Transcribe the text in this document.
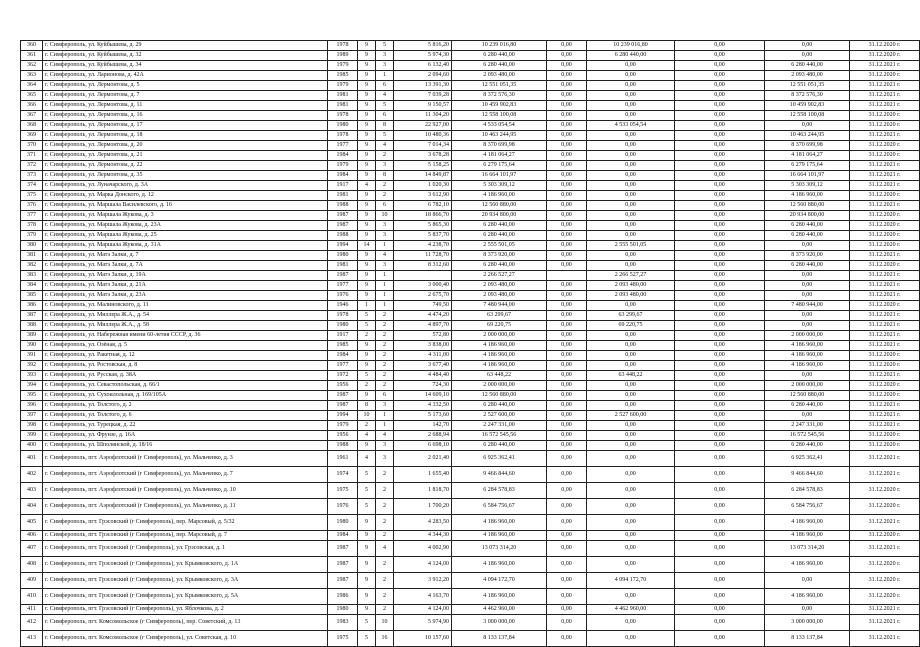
360	г. Симферополь, ул. Куйбышева, д. 29	1978	9	5	5 816,20	10 239 016,80	0,00	10 239 016,80	0,00	0,00	31.12.2020 г.
361	г. Симферополь, ул. Куйбышева, д. 32	1989	9	3	5 974,30	6 280 440,00	0,00	6 280 440,00	0,00	0,00	31.12.2020 г.
362	г. Симферополь, ул. Куйбышева, д. 34	1979	9	3	6 132,40	6 280 440,00	0,00	0,00	0,00	6 280 440,00	31.12.2021 г.
363	г. Симферополь, ул. Ларионова, д. 42А	1985	9	1	2 094,60	2 093 480,00	0,00	0,00	0,00	2 093 480,00	31.12.2020 г.
364	г. Симферополь, ул. Лермонтова, д. 5	1979	9	6	13 391,30	12 551 051,35	0,00	0,00	0,00	12 551 051,35	31.12.2021 г.
365	г. Симферополь, ул. Лермонтова, д. 7	1981	9	4	7 039,28	8 372 576,30	0,00	0,00	0,00	8 372 576,30	31.12.2021 г.
366	г. Симферополь, ул. Лермонтова, д. 11	1981	9	5	9 150,57	10 459 902,83	0,00	0,00	0,00	10 459 902,83	31.12.2021 г.
367	г. Симферополь, ул. Лермонтова, д. 16	1978	9	6	11 304,20	12 558 100,08	0,00	0,00	0,00	12 558 100,08	31.12.2020 г.
368	г. Симферополь, ул. Лермонтова, д. 17	1980	9	8	22 927,00	4 533 054,54	0,00	4 533 054,54	0,00	0,00	31.12.2020 г.
369	г. Симферополь, ул. Лермонтова, д. 18	1978	9	5	10 480,36	10 463 244,95	0,00	0,00	0,00	10 463 244,95	31.12.2021 г.
370	г. Симферополь, ул. Лермонтова, д. 20	1977	9	4	7 014,34	8 370 699,98	0,00	0,00	0,00	8 370 699,98	31.12.2020 г.
371	г. Симферополь, ул. Лермонтова, д. 21	1984	9	2	3 678,28	4 181 064,27	0,00	0,00	0,00	4 181 064,27	31.12.2020 г.
372	г. Симферополь, ул. Лермонтова, д. 22	1979	9	3	5 158,25	6 279 175,64	0,00	0,00	0,00	6 279 175,64	31.12.2021 г.
373	г. Симферополь, ул. Лермонтова, д. 35	1984	9	8	14 849,87	16 664 101,97	0,00	0,00	0,00	16 664 101,97	31.12.2021 г.
374	г. Симферополь, ул. Луначарского, д. 3А	1917	4	2	1 020,30	5 303 309,12	0,00	0,00	0,00	5 303 309,12	31.12.2021 г.
375	г. Симферополь, ул. Марка Донского, д. 12	1981	9	2	3 612,90	4 186 960,00	0,00	0,00	0,00	4 186 960,00	31.12.2020 г.
376	г. Симферополь, ул. Маршала Василевского, д. 16	1988	9	6	6 782,10	12 560 880,00	0,00	0,00	0,00	12 560 880,00	31.12.2021 г.
377	г. Симферополь, ул. Маршала Жукова, д. 3	1987	9	10	18 866,70	20 934 800,00	0,00	0,00	0,00	20 934 800,00	31.12.2020 г.
378	г. Симферополь, ул. Маршала Жукова, д. 23А	1987	9	3	5 865,30	6 280 440,00	0,00	0,00	0,00	6 280 440,00	31.12.2020 г.
379	г. Симферополь, ул. Маршала Жукова, д. 25	1988	9	3	5 837,70	6 280 440,00	0,00	0,00	0,00	6 280 440,00	31.12.2020 г.
380	г. Симферополь, ул. Маршала Жукова, д. 31А	1994	14	1	4 238,70	2 555 501,05	0,00	2 555 501,05	0,00	0,00	31.12.2020 г.
381	г. Симферополь, ул. Матэ Залки, д. 7	1980	9	4	11 728,70	8 373 920,00	0,00	0,00	0,00	8 373 920,00	31.12.2021 г.
382	г. Симферополь, ул. Матэ Залки, д. 7А	1981	9	3	8 312,60	6 280 440,00	0,00	0,00	0,00	6 280 440,00	31.12.2020 г.
383	г. Симферополь, ул. Матэ Залки, д. 19А	1987	9	1		2 266 527,27		2 266 527,27	0,00	0,00	31.12.2021 г.
384	г. Симферополь, ул. Матэ Залки, д. 21А	1977	9	1	3 000,40	2 093 480,00	0,00	2 093 480,00	0,00	0,00	31.12.2021 г.
385	г. Симферополь, ул. Матэ Залки, д. 23А	1976	9	1	2 675,70	2 093 480,00	0,00	2 093 480,00	0,00	0,00	31.12.2021 г.
386	г. Симферополь, ул. Малиновского, д. 11	1946	1	1	749,50	7 480 944,00	0,00	0,00	0,00	7 480 944,00	31.12.2020 г.
387	г. Симферополь, ул. Миллера Ж.А., д. 54	1978	5	2	4 474,20	63 299,67	0,00	63 299,67	0,00	0,00	31.12.2021 г.
388	г. Симферополь, ул. Миллера Ж.А., д. 58	1980	5	2	4 897,70	69 220,75	0,00	69 220,75	0,00	0,00	31.12.2021 г.
389	г. Симферополь, ул. Набережная имени 60-летия СССР, д. 36	1917	2	2	572,80	2 000 000,00	0,00	0,00	0,00	2 000 000,00	31.12.2021 г.
390	г. Симферополь, ул. Озёная, д. 5	1985	9	2	3 838,00	4 186 960,00	0,00	0,00	0,00	4 186 960,00	31.12.2021 г.
391	г. Симферополь, ул. Ракетная, д. 12	1984	9	2	4 311,00	4 186 960,00	0,00	0,00	0,00	4 186 960,00	31.12.2020 г.
392	г. Симферополь, ул. Ростовская, д. 8	1977	9	2	3 677,40	4 186 960,00	0,00	0,00	0,00	4 186 960,00	31.12.2020 г.
393	г. Симферополь, ул. Русская, д. 38А	1972	5	2	4 484,40	63 448,22	0,00	63 448,22	0,00	0,00	31.12.2021 г.
394	г. Симферополь, ул. Севастопольская, д. 66/1	1956	2	2	724,30	2 000 000,00	0,00	0,00	0,00	2 000 000,00	31.12.2020 г.
395	г. Симферополь, ул. Сухоилольная, д. 169/105А	1987	9	6	14 609,10	12 560 880,00	0,00	0,00	0,00	12 560 880,00	31.12.2020 г.
396	г. Симферополь, ул. Толстого, д. 2	1987	8	3	4 332,50	6 280 440,00	0,00	0,00	0,00	6 280 440,00	31.12.2021 г.
397	г. Симферополь, ул. Толстого, д. 6	1994	10	1	5 173,60	2 527 600,00	0,00	2 527 600,00	0,00	0,00	31.12.2021 г.
398	г. Симферополь, ул. Турецкая, д. 22	1979	2	1	142,70	2 247 331,00	0,00	0,00	0,00	2 247 331,00	31.12.2021 г.
399	г. Симферополь, ул. Фрунзе, д. 16А	1956	4	4	2 688,94	16 572 545,56	0,00	0,00	0,00	16 572 545,56	31.12.2020 г.
400	г. Симферополь, ул. Шполянской, д. 18/16	1988	9	3	6 698,10	6 280 440,00	0,00	0,00	0,00	6 280 440,00	31.12.2020 г.
401	г. Симферополь, пгт. Аэрофлотский (г Симферополь), ул. Мальченко, д. 3	1961	4	3	2 021,40	6 925 362,41	0,00	0,00	0,00	6 925 362,41	31.12.2021 г.
402	г. Симферополь, пгт. Аэрофлотский (г Симферополь), ул. Мальченко, д. 7	1974	5	2	1 655,40	9 466 844,60	0,00	0,00	0,00	9 466 844,60	31.12.2021 г.
403	г. Симферополь, пгт. Аэрофлотский (г Симферополь), ул. Мальченко, д. 10	1975	5	2	1 818,70	6 284 578,83	0,00	0,00	0,00	6 284 578,83	31.12.2020 г.
404	г. Симферополь, пгт. Аэрофлотский (г Симферополь), ул. Мальченко, д. 11	1976	5	2	1 700,20	6 584 756,67	0,00	0,00	0,00	6 584 756,67	31.12.2020 г.
405	г. Симферополь, пгт. Грэсовский (г Симферополь), пер. Марсовый, д. 5/32	1980	9	2	4 283,50	4 186 960,00	0,00	0,00	0,00	4 186 960,00	31.12.2021 г.
406	г. Симферополь, пгт. Грэсовский (г Симферополь), пер. Марсовый, д. 7	1984	9	2	4 344,30	4 186 960,00	0,00	0,00	0,00	4 186 960,00	31.12.2020 г.
407	г. Симферополь, пгт. Грэсовский (г Симферополь), ул. Грэсовская, д. 1	1987	9	4	4 002,90	13 073 314,20	0,00	0,00	0,00	13 073 314,20	31.12.2021 г.
408	г. Симферополь, пгт. Грэсовский (г Симферополь), ул. Крымковского, д. 1А	1987	9	2	4 124,00	4 186 960,00	0,00	0,00	0,00	4 186 960,00	31.12.2020 г.
409	г. Симферополь, пгт. Грэсовский (г Симферополь), ул. Крымковского, д. 3А	1987	9	2	3 912,20	4 094 172,70	0,00	4 094 172,70	0,00	0,00	31.12.2020 г.
410	г. Симферополь, пгт. Грэсовский (г Симферополь), ул. Крымковского, д. 5А	1986	9	2	4 163,70	4 186 960,00	0,00	0,00	0,00	4 186 960,00	31.12.2020 г.
411	г. Симферополь, пгт. Грэсовский (г Симферополь), ул. Яблочкова, д. 2	1980	9	2	4 124,00	4 462 960,00	0,00	4 462 960,00	0,00	0,00	31.12.2021 г.
412	г. Симферополь, пгт. Комсомольское (г Симферополь), пер. Советский, д. 13	1983	5	10	5 974,90	3 000 000,00	0,00	0,00	0,00	3 000 000,00	31.12.2021 г.
413	г. Симферополь, пгт. Комсомольское (г Симферополь), ул. Советская, д. 10	1975	5	16	10 157,60	8 133 137,84	0,00	0,00	0,00	8 133 137,84	31.12.2021 г.
